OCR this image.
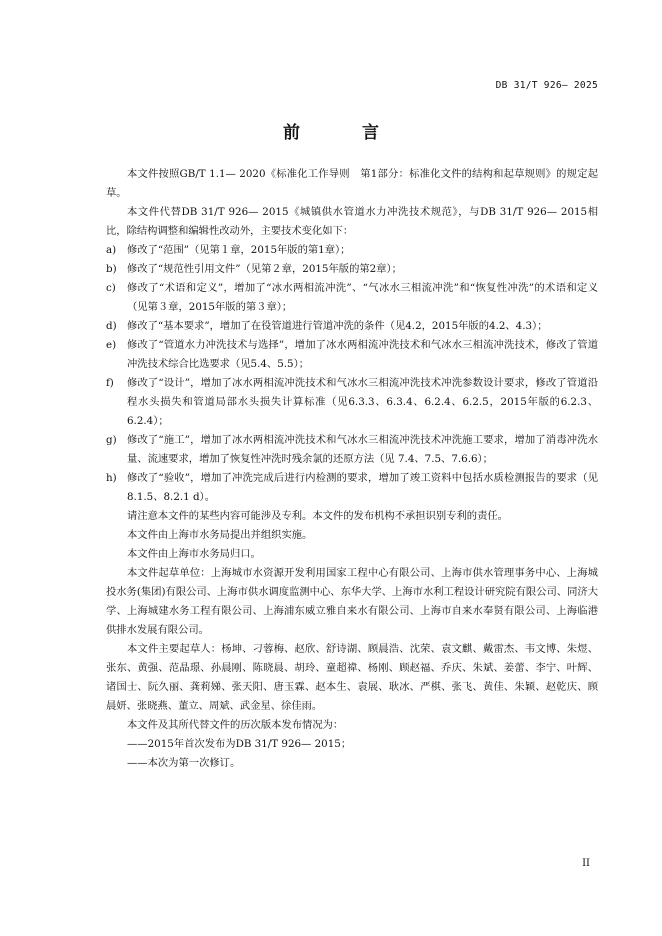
DB 31/T 926— 2025
前 言

本文件按照GB/T 1.1— 2020《标准化工作导则　第1部分：标准化文件的结构和起草规则》的规定起草。

本文件代替DB 31/T 926— 2015《城镇供水管道水力冲洗技术规范》，与DB 31/T 926— 2015相比，除结构调整和编辑性改动外，主要技术变化如下：

a) 修改了“范围”（见第１章，2015年版的第1章）；
b) 修改了“规范性引用文件”（见第２章，2015年版的第2章）；
c) 修改了“术语和定义”，增加了“冰水两相流冲洗”、“气冰水三相流冲洗”和“恢复性冲洗”的术语和定义（见第３章，2015年版的第３章）；
d) 修改了“基本要求”，增加了在役管道进行管道冲洗的条件（见4.2，2015年版的4.2、4.3）；
e) 修改了“管道水力冲洗技术与选择”，增加了冰水两相流冲洗技术和气冰水三相流冲洗技术，修改了管道冲洗技术综合比选要求（见5.4、5.5）；
f) 修改了“设计”，增加了冰水两相流冲洗技术和气冰水三相流冲洗技术冲洗参数设计要求，修改了管道沿程水头损失和管道局部水头损失计算标准（见6.3.3、6.3.4、6.2.4、6.2.5，2015年版的6.2.3、6.2.4）；
g) 修改了“施工”，增加了冰水两相流冲洗技术和气冰水三相流冲洗技术冲洗施工要求，增加了消毒冲洗水量、流速要求，增加了恢复性冲洗时残余氯的还原方法（见 7.4、7.5、7.6.6）；
h) 修改了“验收”，增加了冲洗完成后进行内检测的要求，增加了竣工资料中包括水质检测报告的要求（见8.1.5、8.2.1 d）。

请注意本文件的某些内容可能涉及专利。本文件的发布机构不承担识别专利的责任。

本文件由上海市水务局提出并组织实施。

本文件由上海市水务局归口。

本文件起草单位：上海城市水资源开发利用国家工程中心有限公司、上海市供水管理事务中心、上海城投水务(集团)有限公司、上海市供水调度监测中心、东华大学、上海市水利工程设计研究院有限公司、同济大学、上海城建水务工程有限公司、上海浦东威立雅自来水有限公司、上海市自来水奉贤有限公司、上海临港供排水发展有限公司。

本文件主要起草人：杨坤、刁蓉梅、赵欣、舒诗湖、顾晨浩、沈荣、袁文麒、戴雷杰、韦文博、朱煜、张东、黄强、范晶璟、孙晨刚、陈晓晨、胡玲、童超禕、杨刚、顾赵福、乔庆、朱斌、姜蕾、李宁、叶辉、诸国士、阮久丽、龚莉娣、张天阳、唐玉霖、赵本生、袁展、耿冰、严棋、张飞、黄佳、朱颖、赵乾庆、顾晨妍、张晓燕、董立、周斌、武金星、徐佳雨。

本文件及其所代替文件的历次版本发布情况为：

——2015年首次发布为DB 31/T 926— 2015；

——本次为第一次修订。

II
